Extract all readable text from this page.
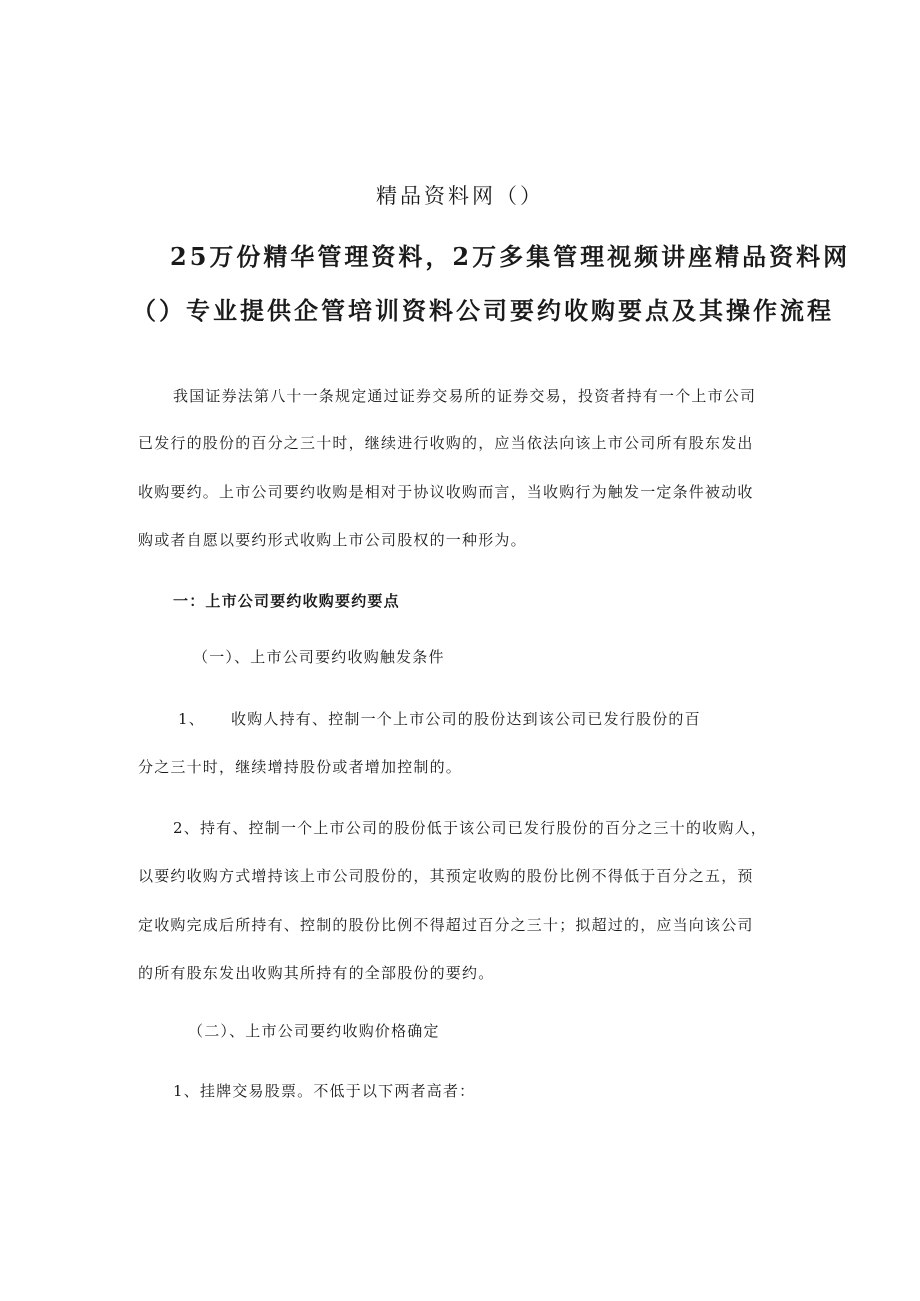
精品资料网（）

25万份精华管理资料，2万多集管理视频讲座精品资料网

（）专业提供企管培训资料公司要约收购要点及其操作流程

我国证券法第八十一条规定通过证券交易所的证券交易，投资者持有一个上市公司

已发行的股份的百分之三十时，继续进行收购的，应当依法向该上市公司所有股东发出

收购要约。上市公司要约收购是相对于协议收购而言，当收购行为触发一定条件被动收

购或者自愿以要约形式收购上市公司股权的一种形为。

一：上市公司要约收购要约要点

（一）、上市公司要约收购触发条件

1、 收购人持有、控制一个上市公司的股份达到该公司已发行股份的百

分之三十时，继续增持股份或者增加控制的。

2、持有、控制一个上市公司的股份低于该公司已发行股份的百分之三十的收购人，

以要约收购方式增持该上市公司股份的，其预定收购的股份比例不得低于百分之五，预

定收购完成后所持有、控制的股份比例不得超过百分之三十；拟超过的，应当向该公司

的所有股东发出收购其所持有的全部股份的要约。

（二）、上市公司要约收购价格确定

1、挂牌交易股票。不低于以下两者高者：
